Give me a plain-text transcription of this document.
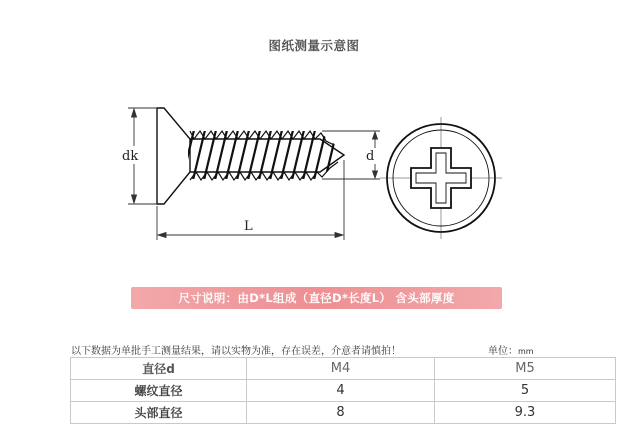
图纸测量示意图
dk	d
L
尺寸说明：由D*L组成（直径D*长度L） 含头部厚度
以下数据为单批手工测量结果，请以实物为准，存在误差，介意者请慎拍！	单位：mm
直径d	M4	M5
螺纹直径	4	5
头部直径	8	9.3
